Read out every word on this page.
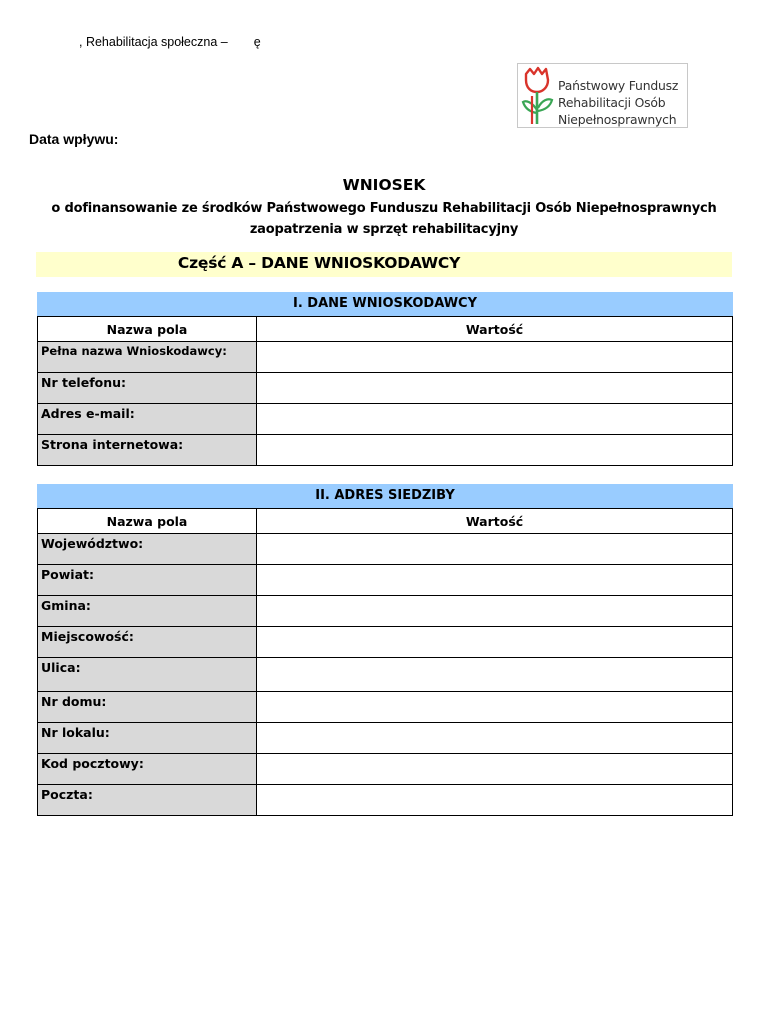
, Rehabilitacja społeczna – ę
Państwowy Fundusz
Rehabilitacji Osób
Niepełnosprawnych
Data wpływu:
WNIOSEK
o dofinansowanie ze środków Państwowego Funduszu Rehabilitacji Osób Niepełnosprawnych
zaopatrzenia w sprzęt rehabilitacyjny
Część A – DANE WNIOSKODAWCY
I. DANE WNIOSKODAWCY
Nazwa pola	Wartość
Pełna nazwa Wnioskodawcy:	
Nr telefonu:	
Adres e-mail:	
Strona internetowa:	
II. ADRES SIEDZIBY
Nazwa pola	Wartość
Województwo:	
Powiat:	
Gmina:	
Miejscowość:	
Ulica:	
Nr domu:	
Nr lokalu:	
Kod pocztowy:	
Poczta:	
